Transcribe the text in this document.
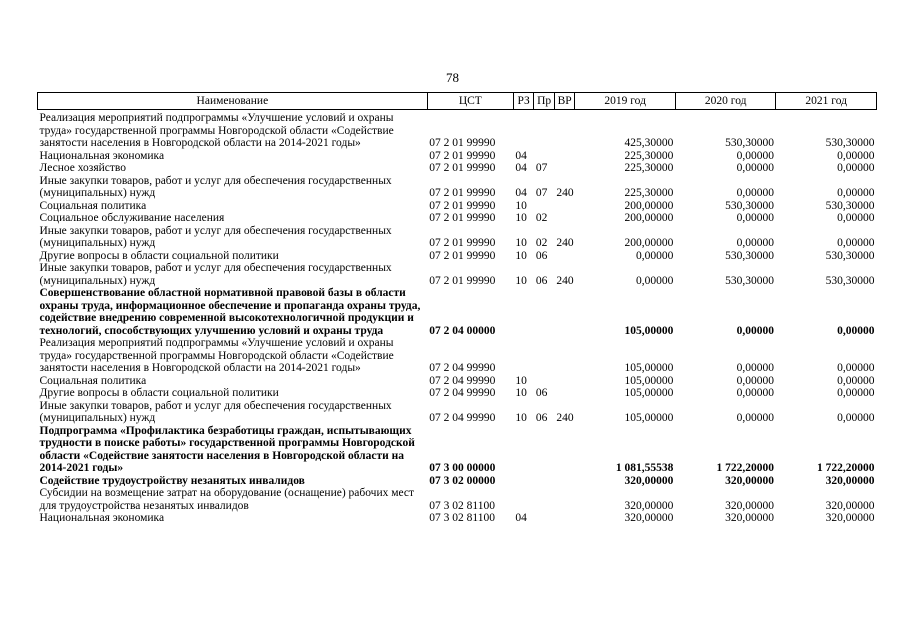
78
Наименование	ЦСТ	РЗ	Пр	ВР	2019 год	2020 год	2021 год
Реализация мероприятий подпрограммы «Улучшение условий и охраны труда» государственной программы Новгородской области «Содействие занятости населения в Новгородской области на 2014-2021 годы»	07 2 01 99990				425,30000	530,30000	530,30000
Национальная экономика	07 2 01 99990	04			225,30000	0,00000	0,00000
Лесное хозяйство	07 2 01 99990	04	07		225,30000	0,00000	0,00000
Иные закупки товаров, работ и услуг для обеспечения государственных (муниципальных) нужд	07 2 01 99990	04	07	240	225,30000	0,00000	0,00000
Социальная политика	07 2 01 99990	10			200,00000	530,30000	530,30000
Социальное обслуживание населения	07 2 01 99990	10	02		200,00000	0,00000	0,00000
Иные закупки товаров, работ и услуг для обеспечения государственных (муниципальных) нужд	07 2 01 99990	10	02	240	200,00000	0,00000	0,00000
Другие вопросы в области социальной политики	07 2 01 99990	10	06		0,00000	530,30000	530,30000
Иные закупки товаров, работ и услуг для обеспечения государственных (муниципальных) нужд	07 2 01 99990	10	06	240	0,00000	530,30000	530,30000
Совершенствование областной нормативной правовой базы в области охраны труда, информационное обеспечение и пропаганда охраны труда, содействие внедрению современной высокотехнологичной продукции и технологий, способствующих улучшению условий и охраны труда	07 2 04 00000				105,00000	0,00000	0,00000
Реализация мероприятий подпрограммы «Улучшение условий и охраны труда» государственной программы Новгородской области «Содействие занятости населения в Новгородской области на 2014-2021 годы»	07 2 04 99990				105,00000	0,00000	0,00000
Социальная политика	07 2 04 99990	10			105,00000	0,00000	0,00000
Другие вопросы в области социальной политики	07 2 04 99990	10	06		105,00000	0,00000	0,00000
Иные закупки товаров, работ и услуг для обеспечения государственных (муниципальных) нужд	07 2 04 99990	10	06	240	105,00000	0,00000	0,00000
Подпрограмма «Профилактика безработицы граждан, испытывающих трудности в поиске работы» государственной программы Новгородской области «Содействие занятости населения в Новгородской области на 2014-2021 годы»	07 3 00 00000				1 081,55538	1 722,20000	1 722,20000
Содействие трудоустройству незанятых инвалидов	07 3 02 00000				320,00000	320,00000	320,00000
Субсидии на возмещение затрат на оборудование (оснащение) рабочих мест для трудоустройства незанятых инвалидов	07 3 02 81100				320,00000	320,00000	320,00000
Национальная экономика	07 3 02 81100	04			320,00000	320,00000	320,00000
